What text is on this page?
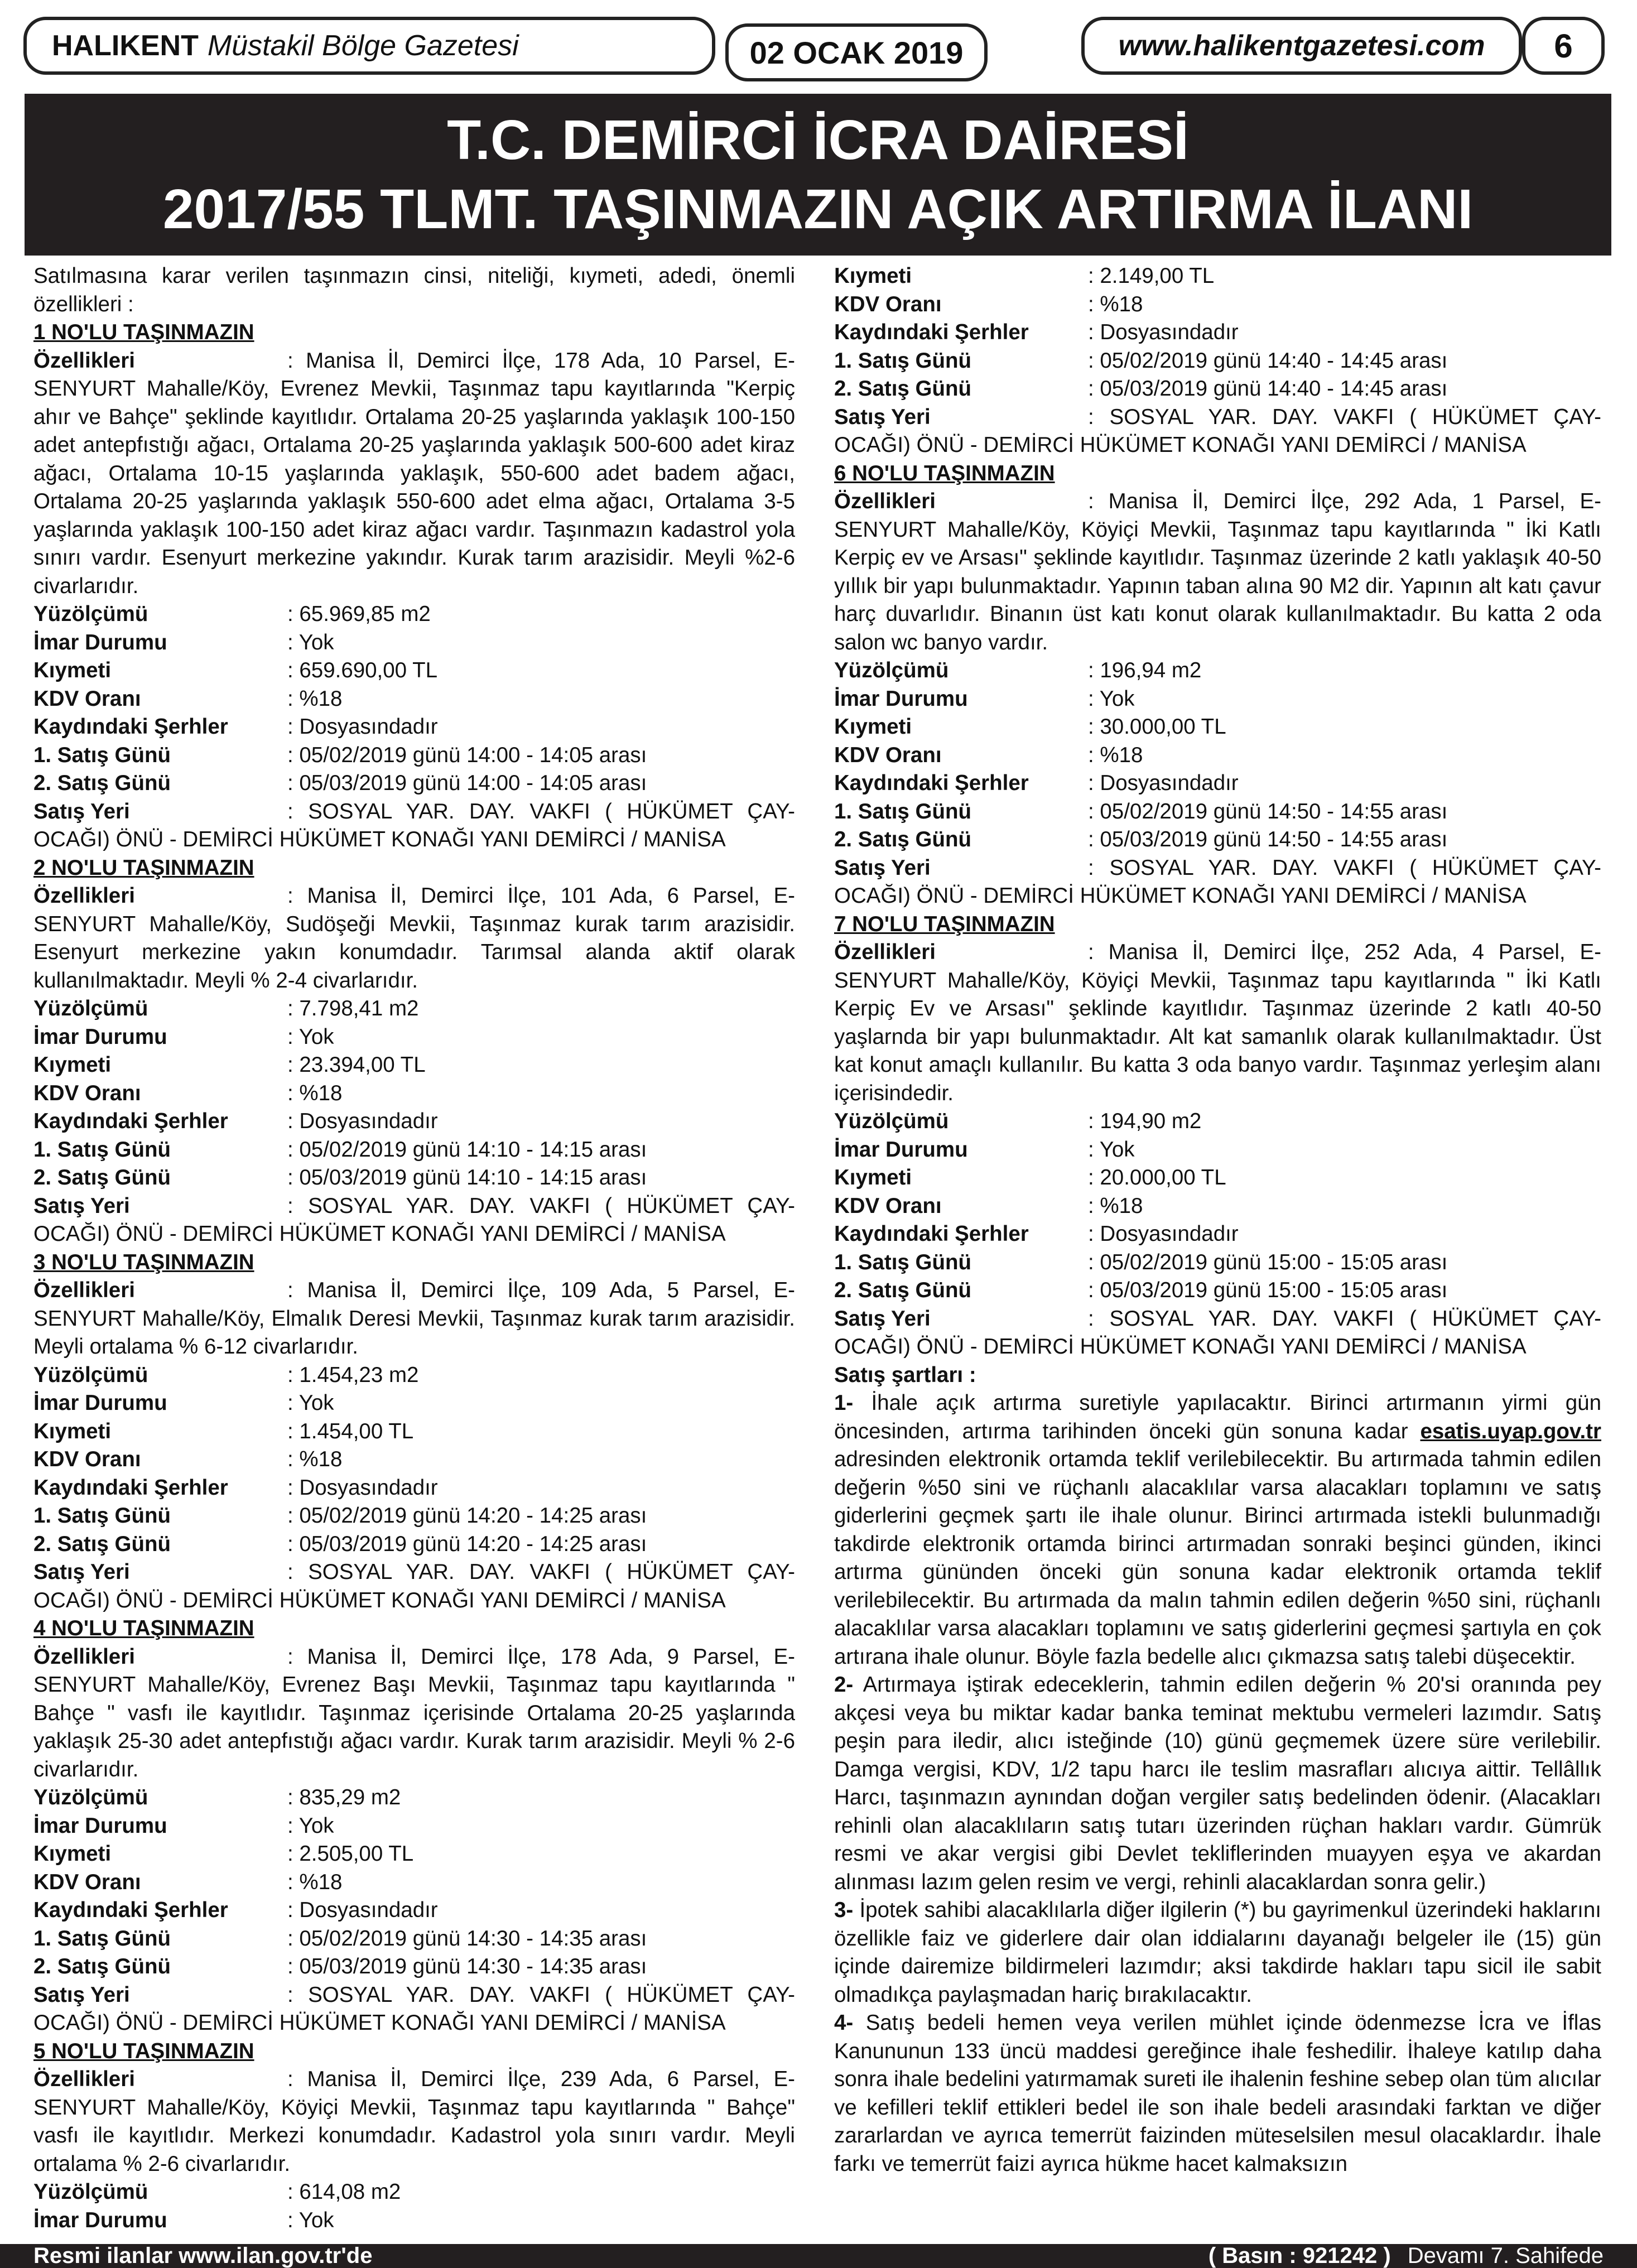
HALIKENT Müstakil Bölge Gazetesi	02 OCAK 2019	www.halikentgazetesi.com	6
T.C. DEMİRCİ İCRA DAİRESİ
2017/55 TLMT. TAŞINMAZIN AÇIK ARTIRMA İLANI

Satılmasına karar verilen taşınmazın cinsi, niteliği, kıymeti, adedi, önemli özellikleri :

1 NO'LU TAŞINMAZIN

Özellikleri	: Manisa İl, Demirci İlçe, 178 Ada, 10 Parsel, E-SENYURT Mahalle/Köy, Evrenez Mevkii, Taşınmaz tapu kayıtlarında "Kerpiç ahır ve Bahçe" şeklinde kayıtlıdır. Ortalama 20-25 yaşlarında yaklaşık 100-150 adet antepfıstığı ağacı, Ortalama 20-25 yaşlarında yaklaşık 500-600 adet kiraz ağacı, Ortalama 10-15 yaşlarında yaklaşık, 550-600 adet badem ağacı, Ortalama 20-25 yaşlarında yaklaşık 550-600 adet elma ağacı, Ortalama 3-5 yaşlarında yaklaşık 100-150 adet kiraz ağacı vardır. Taşınmazın kadastrol yola sınırı vardır. Esenyurt merkezine yakındır. Kurak tarım arazisidir. Meyli %2-6 civarlarıdır.

Yüzölçümü	: 65.969,85 m2
İmar Durumu	: Yok
Kıymeti	: 659.690,00 TL
KDV Oranı	: %18
Kaydındaki Şerhler	: Dosyasındadır
1. Satış Günü	: 05/02/2019 günü 14:00 - 14:05 arası
2. Satış Günü	: 05/03/2019 günü 14:00 - 14:05 arası

Satış Yeri	: SOSYAL YAR. DAY. VAKFI ( HÜKÜMET ÇAY-OCAĞI) ÖNÜ - DEMİRCİ HÜKÜMET KONAĞI YANI DEMİRCİ / MANİSA

2 NO'LU TAŞINMAZIN

Özellikleri	: Manisa İl, Demirci İlçe, 101 Ada, 6 Parsel, E-SENYURT Mahalle/Köy, Sudöşeği Mevkii, Taşınmaz kurak tarım arazisidir. Esenyurt merkezine yakın konumdadır. Tarımsal alanda aktif olarak kullanılmaktadır. Meyli % 2-4 civarlarıdır.

Yüzölçümü	: 7.798,41 m2
İmar Durumu	: Yok
Kıymeti	: 23.394,00 TL
KDV Oranı	: %18
Kaydındaki Şerhler	: Dosyasındadır
1. Satış Günü	: 05/02/2019 günü 14:10 - 14:15 arası
2. Satış Günü	: 05/03/2019 günü 14:10 - 14:15 arası

Satış Yeri	: SOSYAL YAR. DAY. VAKFI ( HÜKÜMET ÇAY-OCAĞI) ÖNÜ - DEMİRCİ HÜKÜMET KONAĞI YANI DEMİRCİ / MANİSA

3 NO'LU TAŞINMAZIN

Özellikleri	: Manisa İl, Demirci İlçe, 109 Ada, 5 Parsel, E-SENYURT Mahalle/Köy, Elmalık Deresi Mevkii, Taşınmaz kurak tarım arazisidir. Meyli ortalama % 6-12 civarlarıdır.

Yüzölçümü	: 1.454,23 m2
İmar Durumu	: Yok
Kıymeti	: 1.454,00 TL
KDV Oranı	: %18
Kaydındaki Şerhler	: Dosyasındadır
1. Satış Günü	: 05/02/2019 günü 14:20 - 14:25 arası
2. Satış Günü	: 05/03/2019 günü 14:20 - 14:25 arası

Satış Yeri	: SOSYAL YAR. DAY. VAKFI ( HÜKÜMET ÇAY-OCAĞI) ÖNÜ - DEMİRCİ HÜKÜMET KONAĞI YANI DEMİRCİ / MANİSA

4 NO'LU TAŞINMAZIN

Özellikleri	: Manisa İl, Demirci İlçe, 178 Ada, 9 Parsel, E-SENYURT Mahalle/Köy, Evrenez Başı Mevkii, Taşınmaz tapu kayıtlarında " Bahçe " vasfı ile kayıtlıdır. Taşınmaz içerisinde Ortalama 20-25 yaşlarında yaklaşık 25-30 adet antepfıstığı ağacı vardır. Kurak tarım arazisidir. Meyli % 2-6 civarlarıdır.

Yüzölçümü	: 835,29 m2
İmar Durumu	: Yok
Kıymeti	: 2.505,00 TL
KDV Oranı	: %18
Kaydındaki Şerhler	: Dosyasındadır
1. Satış Günü	: 05/02/2019 günü 14:30 - 14:35 arası
2. Satış Günü	: 05/03/2019 günü 14:30 - 14:35 arası

Satış Yeri	: SOSYAL YAR. DAY. VAKFI ( HÜKÜMET ÇAY-OCAĞI) ÖNÜ - DEMİRCİ HÜKÜMET KONAĞI YANI DEMİRCİ / MANİSA

5 NO'LU TAŞINMAZIN

Özellikleri	: Manisa İl, Demirci İlçe, 239 Ada, 6 Parsel, E-SENYURT Mahalle/Köy, Köyiçi Mevkii, Taşınmaz tapu kayıtlarında " Bahçe" vasfı ile kayıtlıdır. Merkezi konumdadır. Kadastrol yola sınırı vardır. Meyli ortalama % 2-6 civarlarıdır.

Yüzölçümü	: 614,08 m2
İmar Durumu	: Yok
Kıymeti	: 2.149,00 TL
KDV Oranı	: %18
Kaydındaki Şerhler	: Dosyasındadır
1. Satış Günü	: 05/02/2019 günü 14:40 - 14:45 arası
2. Satış Günü	: 05/03/2019 günü 14:40 - 14:45 arası

Satış Yeri	: SOSYAL YAR. DAY. VAKFI ( HÜKÜMET ÇAY-OCAĞI) ÖNÜ - DEMİRCİ HÜKÜMET KONAĞI YANI DEMİRCİ / MANİSA

6 NO'LU TAŞINMAZIN

Özellikleri	: Manisa İl, Demirci İlçe, 292 Ada, 1 Parsel, E-SENYURT Mahalle/Köy, Köyiçi Mevkii, Taşınmaz tapu kayıtlarında " İki Katlı Kerpiç ev ve Arsası" şeklinde kayıtlıdır. Taşınmaz üzerinde 2 katlı yaklaşık 40-50 yıllık bir yapı bulunmaktadır. Yapının taban alına 90 M2 dir. Yapının alt katı çavur harç duvarlıdır. Binanın üst katı konut olarak kullanılmaktadır. Bu katta 2 oda salon wc banyo vardır.

Yüzölçümü	: 196,94 m2
İmar Durumu	: Yok
Kıymeti	: 30.000,00 TL
KDV Oranı	: %18
Kaydındaki Şerhler	: Dosyasındadır
1. Satış Günü	: 05/02/2019 günü 14:50 - 14:55 arası
2. Satış Günü	: 05/03/2019 günü 14:50 - 14:55 arası

Satış Yeri	: SOSYAL YAR. DAY. VAKFI ( HÜKÜMET ÇAY-OCAĞI) ÖNÜ - DEMİRCİ HÜKÜMET KONAĞI YANI DEMİRCİ / MANİSA

7 NO'LU TAŞINMAZIN

Özellikleri	: Manisa İl, Demirci İlçe, 252 Ada, 4 Parsel, E-SENYURT Mahalle/Köy, Köyiçi Mevkii, Taşınmaz tapu kayıtlarında " İki Katlı Kerpiç Ev ve Arsası" şeklinde kayıtlıdır. Taşınmaz üzerinde 2 katlı 40-50 yaşlarnda bir yapı bulunmaktadır. Alt kat samanlık olarak kullanılmaktadır. Üst kat konut amaçlı kullanılır. Bu katta 3 oda banyo vardır. Taşınmaz yerleşim alanı içerisindedir.

Yüzölçümü	: 194,90 m2
İmar Durumu	: Yok
Kıymeti	: 20.000,00 TL
KDV Oranı	: %18
Kaydındaki Şerhler	: Dosyasındadır
1. Satış Günü	: 05/02/2019 günü 15:00 - 15:05 arası
2. Satış Günü	: 05/03/2019 günü 15:00 - 15:05 arası

Satış Yeri	: SOSYAL YAR. DAY. VAKFI ( HÜKÜMET ÇAY-OCAĞI) ÖNÜ - DEMİRCİ HÜKÜMET KONAĞI YANI DEMİRCİ / MANİSA

Satış şartları :

1- İhale açık artırma suretiyle yapılacaktır. Birinci artırmanın yirmi gün öncesinden, artırma tarihinden önceki gün sonuna kadar esatis.uyap.gov.tr adresinden elektronik ortamda teklif verilebilecektir. Bu artırmada tahmin edilen değerin %50 sini ve rüçhanlı alacaklılar varsa alacakları toplamını ve satış giderlerini geçmek şartı ile ihale olunur. Birinci artırmada istekli bulunmadığı takdirde elektronik ortamda birinci artırmadan sonraki beşinci günden, ikinci artırma gününden önceki gün sonuna kadar elektronik ortamda teklif verilebilecektir. Bu artırmada da malın tahmin edilen değerin %50 sini, rüçhanlı alacaklılar varsa alacakları toplamını ve satış giderlerini geçmesi şartıyla en çok artırana ihale olunur. Böyle fazla bedelle alıcı çıkmazsa satış talebi düşecektir.

2- Artırmaya iştirak edeceklerin, tahmin edilen değerin % 20'si oranında pey akçesi veya bu miktar kadar banka teminat mektubu vermeleri lazımdır. Satış peşin para iledir, alıcı isteğinde (10) günü geçmemek üzere süre verilebilir. Damga vergisi, KDV, 1/2 tapu harcı ile teslim masrafları alıcıya aittir. Tellâllık Harcı, taşınmazın aynından doğan vergiler satış bedelinden ödenir. (Alacakları rehinli olan alacaklıların satış tutarı üzerinden rüçhan hakları vardır. Gümrük resmi ve akar vergisi gibi Devlet tekliflerinden muayyen eşya ve akardan alınması lazım gelen resim ve vergi, rehinli alacaklardan sonra gelir.)

3- İpotek sahibi alacaklılarla diğer ilgilerin (*) bu gayrimenkul üzerindeki haklarını özellikle faiz ve giderlere dair olan iddialarını dayanağı belgeler ile (15) gün içinde dairemize bildirmeleri lazımdır; aksi takdirde hakları tapu sicil ile sabit olmadıkça paylaşmadan hariç bırakılacaktır.

4- Satış bedeli hemen veya verilen mühlet içinde ödenmezse İcra ve İflas Kanununun 133 üncü maddesi gereğince ihale feshedilir. İhaleye katılıp daha sonra ihale bedelini yatırmamak sureti ile ihalenin feshine sebep olan tüm alıcılar ve kefilleri teklif ettikleri bedel ile son ihale bedeli arasındaki farktan ve diğer zararlardan ve ayrıca temerrüt faizinden müteselsilen mesul olacaklardır. İhale farkı ve temerrüt faizi ayrıca hükme hacet kalmaksızın

Resmi ilanlar www.ilan.gov.tr'de	( Basın : 921242 ) Devamı 7. Sahifede
